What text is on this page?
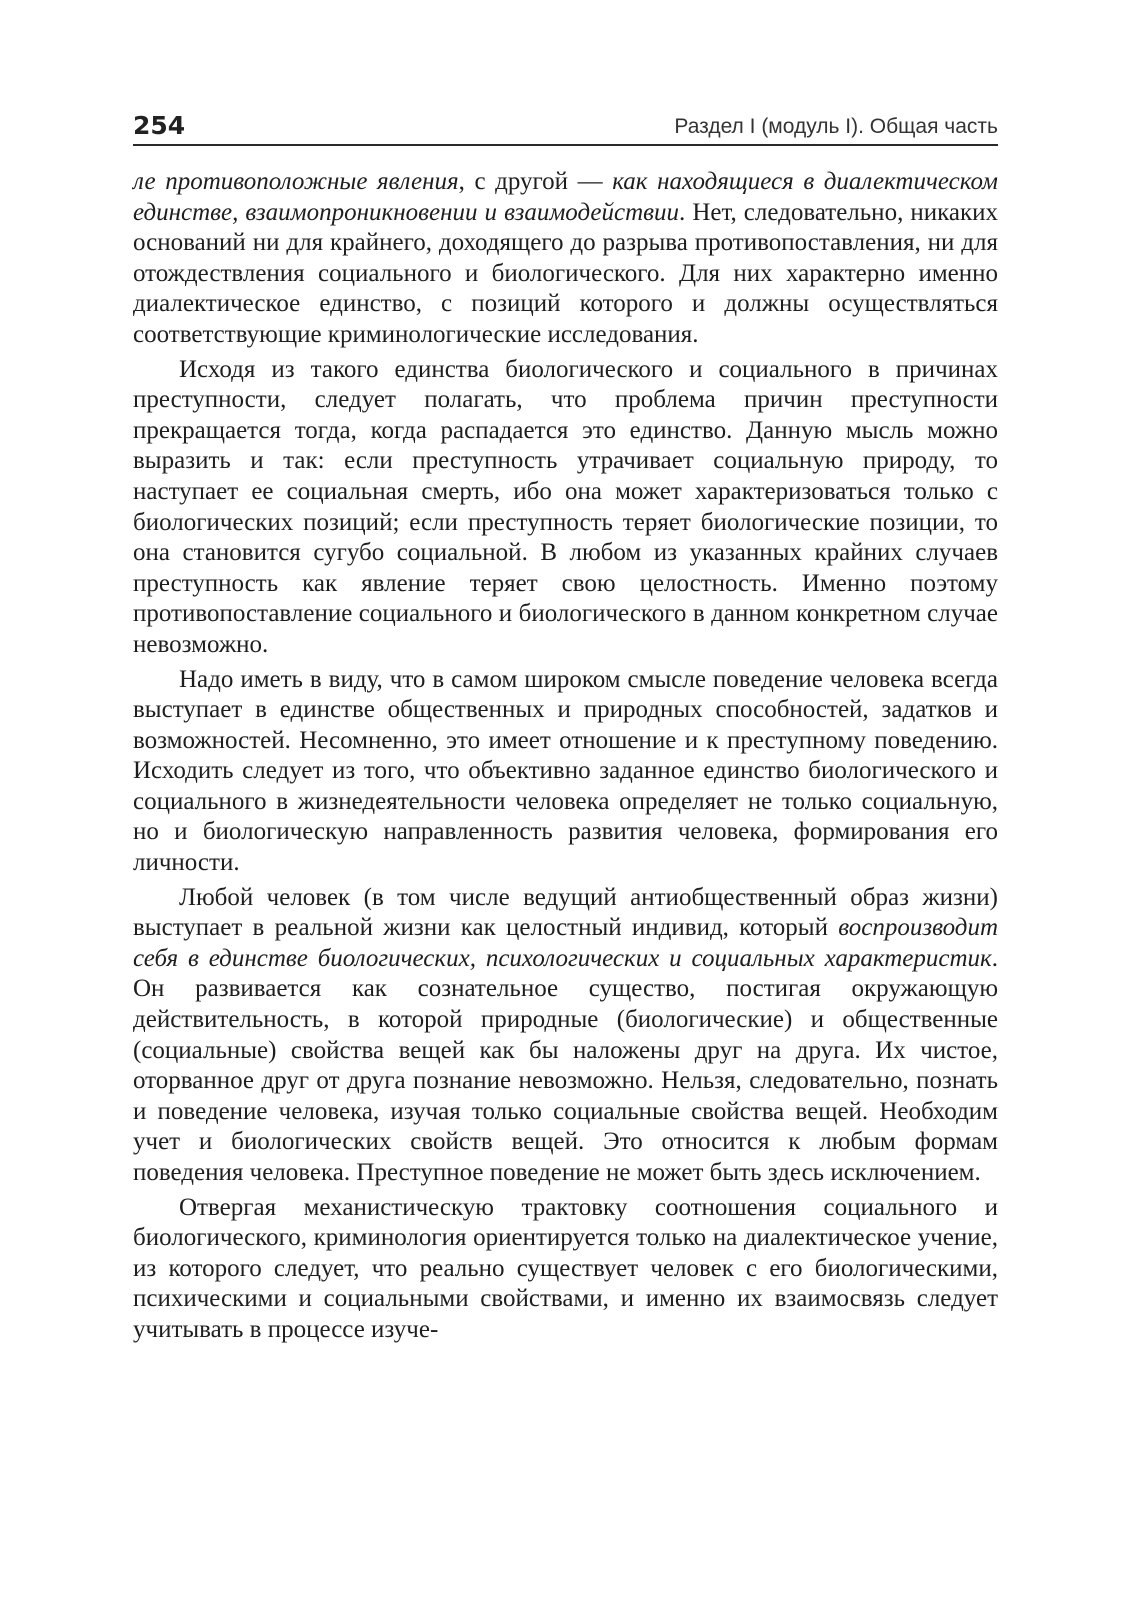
254	Раздел I (модуль I). Общая часть

ле противоположные явления, с другой — как находящиеся в диалектическом единстве, взаимопроникновении и взаимодействии. Нет, следовательно, никаких оснований ни для крайнего, доходящего до разрыва противопоставления, ни для отождествления социального и биологического. Для них характерно именно диалектическое единство, с позиций которого и должны осуществляться соответствующие криминологические исследования.

Исходя из такого единства биологического и социального в причинах преступности, следует полагать, что проблема причин преступности прекращается тогда, когда распадается это единство. Данную мысль можно выразить и так: если преступность утрачивает социальную природу, то наступает ее социальная смерть, ибо она может характеризоваться только с биологических позиций; если преступность теряет биологические позиции, то она становится сугубо социальной. В любом из указанных крайних случаев преступность как явление теряет свою целостность. Именно поэтому противопоставление социального и биологического в данном конкретном случае невозможно.

Надо иметь в виду, что в самом широком смысле поведение человека всегда выступает в единстве общественных и природных способностей, задатков и возможностей. Несомненно, это имеет отношение и к преступному поведению. Исходить следует из того, что объективно заданное единство биологического и социального в жизнедеятельности человека определяет не только социальную, но и биологическую направленность развития человека, формирования его личности.

Любой человек (в том числе ведущий антиобщественный образ жизни) выступает в реальной жизни как целостный индивид, который воспроизводит себя в единстве биологических, психологических и социальных характеристик. Он развивается как сознательное существо, постигая окружающую действительность, в которой природные (биологические) и общественные (социальные) свойства вещей как бы наложены друг на друга. Их чистое, оторванное друг от друга познание невозможно. Нельзя, следовательно, познать и поведение человека, изучая только социальные свойства вещей. Необходим учет и биологических свойств вещей. Это относится к любым формам поведения человека. Преступное поведение не может быть здесь исключением.

Отвергая механистическую трактовку соотношения социального и биологического, криминология ориентируется только на диалектическое учение, из которого следует, что реально существует человек с его биологическими, психическими и социальными свойствами, и именно их взаимосвязь следует учитывать в процессе изуче-
